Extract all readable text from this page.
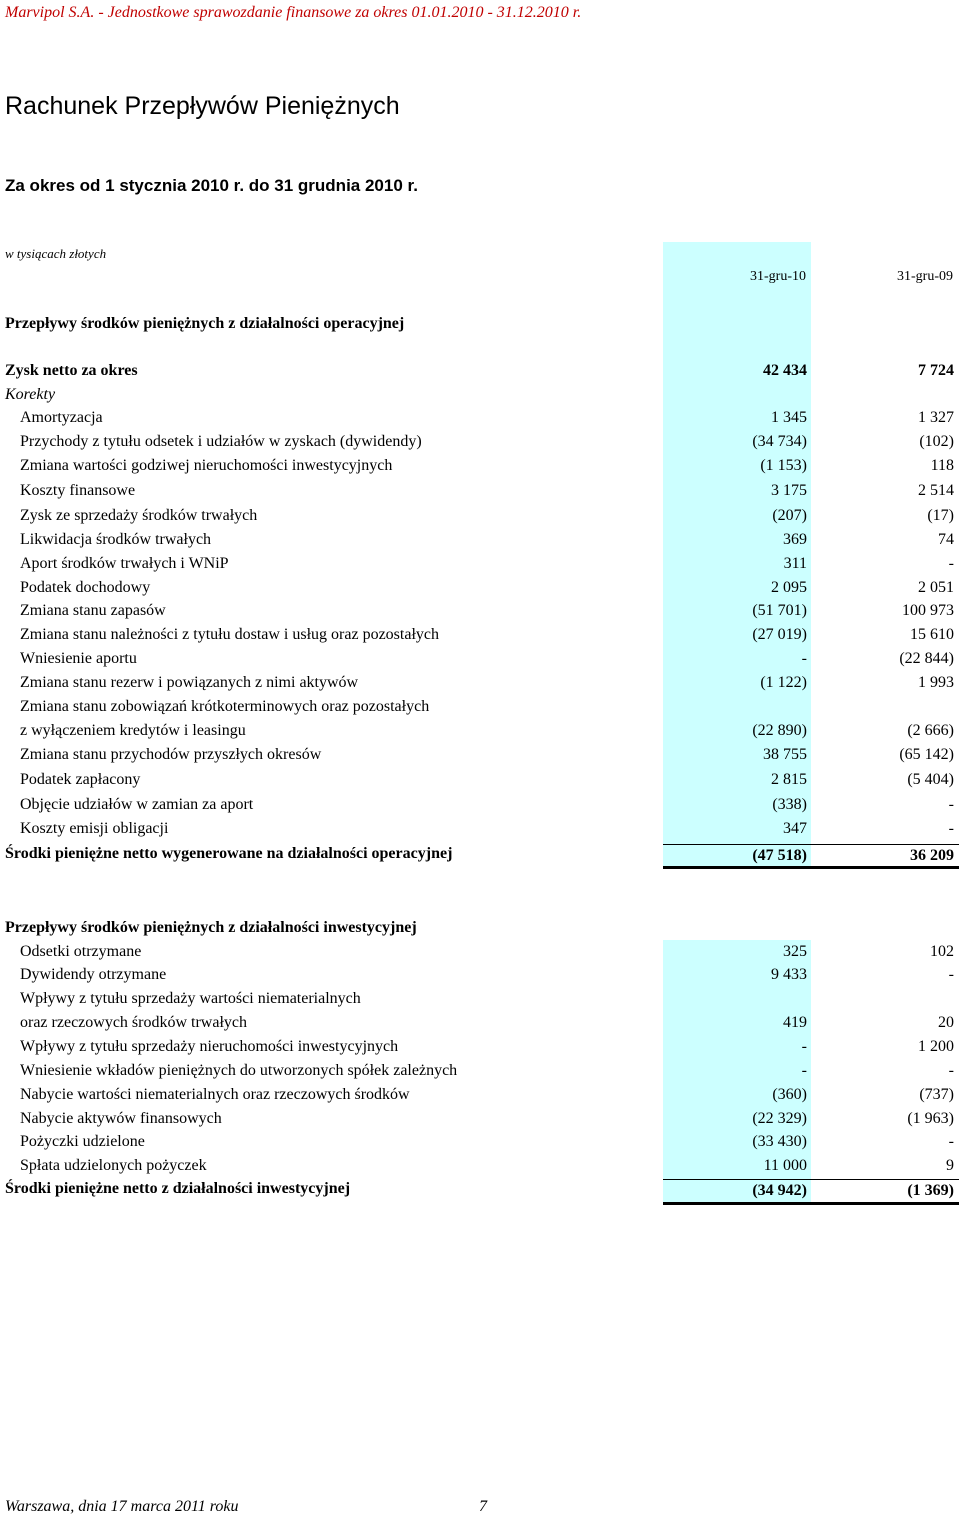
Marvipol S.A. - Jednostkowe sprawozdanie finansowe za okres 01.01.2010 - 31.12.2010 r.
Rachunek Przepływów Pieniężnych
Za okres od 1 stycznia 2010 r. do 31 grudnia 2010 r.
w tysiącach złotych
31-gru-10	31-gru-09
Przepływy środków pieniężnych z działalności operacyjnej
Zysk netto za okres	42 434	7 724
Korekty
Amortyzacja	1 345	1 327
Przychody z tytułu odsetek i udziałów w zyskach (dywidendy)	(34 734)	(102)
Zmiana wartości godziwej nieruchomości inwestycyjnych	(1 153)	118
Koszty finansowe	3 175	2 514
Zysk ze sprzedaży środków trwałych	(207)	(17)
Likwidacja środków trwałych	369	74
Aport środków trwałych i WNiP	311	-
Podatek dochodowy	2 095	2 051
Zmiana stanu zapasów	(51 701)	100 973
Zmiana stanu należności z tytułu dostaw i usług oraz pozostałych	(27 019)	15 610
Wniesienie aportu	-	(22 844)
Zmiana stanu rezerw i powiązanych z nimi aktywów	(1 122)	1 993
Zmiana stanu zobowiązań krótkoterminowych oraz pozostałych
z wyłączeniem kredytów i leasingu	(22 890)	(2 666)
Zmiana stanu przychodów przyszłych okresów	38 755	(65 142)
Podatek zapłacony	2 815	(5 404)
Objęcie udziałów w zamian za aport	(338)	-
Koszty emisji obligacji	347	-
Środki pieniężne netto wygenerowane na działalności operacyjnej	(47 518)	36 209
Przepływy środków pieniężnych z działalności inwestycyjnej
Odsetki otrzymane	325	102
Dywidendy otrzymane	9 433	-
Wpływy z tytułu sprzedaży wartości niematerialnych
oraz rzeczowych środków trwałych	419	20
Wpływy z tytułu sprzedaży nieruchomości inwestycyjnych	-	1 200
Wniesienie wkładów pieniężnych do utworzonych spółek zależnych	-	-
Nabycie wartości niematerialnych oraz rzeczowych środków	(360)	(737)
Nabycie aktywów finansowych	(22 329)	(1 963)
Pożyczki udzielone	(33 430)	-
Spłata udzielonych pożyczek	11 000	9
Środki pieniężne netto z działalności inwestycyjnej	(34 942)	(1 369)
Warszawa, dnia 17 marca 2011 roku	7
